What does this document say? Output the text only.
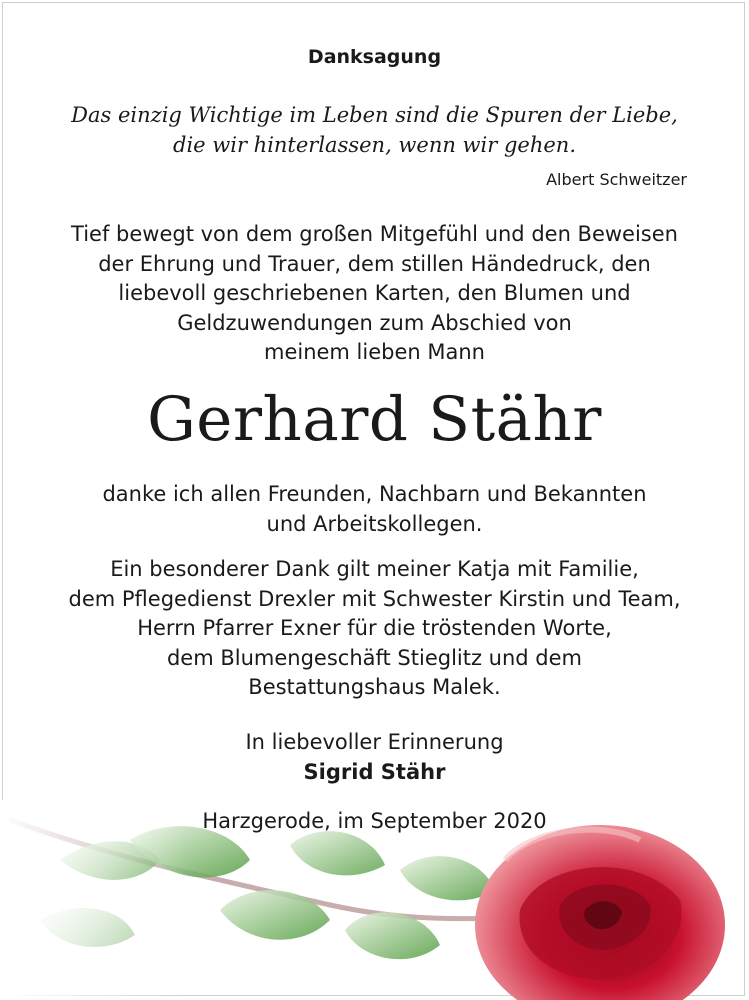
Danksagung
Das einzig Wichtige im Leben sind die Spuren der Liebe,
die wir hinterlassen, wenn wir gehen.
Albert Schweitzer
Tief bewegt von dem großen Mitgefühl und den Beweisen
der Ehrung und Trauer, dem stillen Händedruck, den
liebevoll geschriebenen Karten, den Blumen und
Geldzuwendungen zum Abschied von
meinem lieben Mann
Gerhard Stähr
danke ich allen Freunden, Nachbarn und Bekannten
und Arbeitskollegen.
Ein besonderer Dank gilt meiner Katja mit Familie,
dem Pflegedienst Drexler mit Schwester Kirstin und Team,
Herrn Pfarrer Exner für die tröstenden Worte,
dem Blumengeschäft Stieglitz und dem
Bestattungshaus Malek.
In liebevoller Erinnerung
Sigrid Stähr
Harzgerode, im September 2020
